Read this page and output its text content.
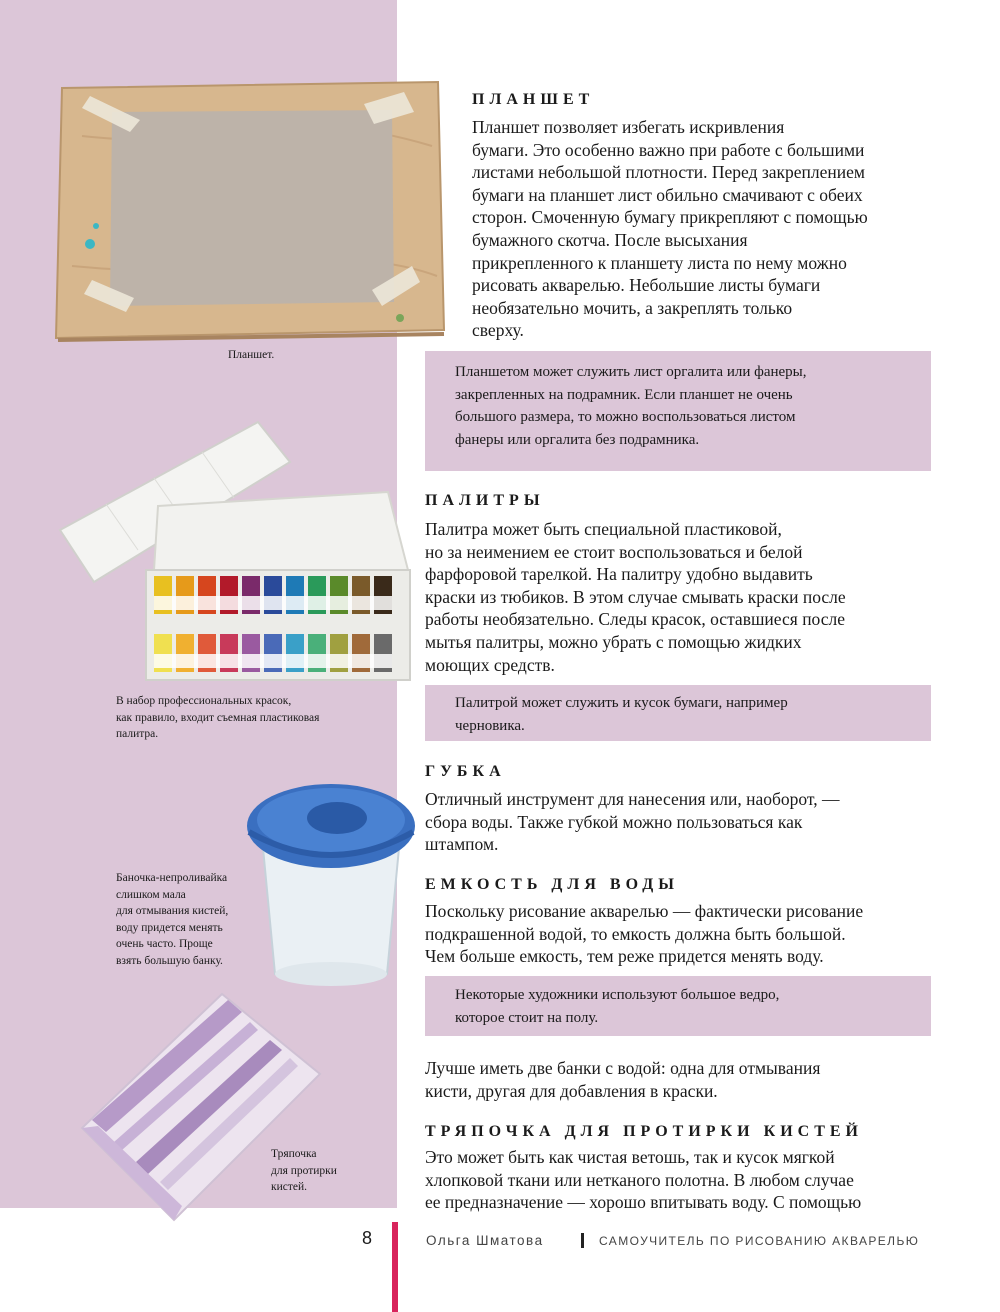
Планшет.
В набор профессиональных красок,
как правило, входит съемная пластиковая
палитра.
Баночка-непроливайка
слишком мала
для отмывания кистей,
воду придется менять
очень часто. Проще
взять большую банку.
Тряпочка
для протирки
кистей.
ПЛАНШЕТ
Планшет позволяет избегать искривления
бумаги. Это особенно важно при работе с большими
листами небольшой плотности. Перед закреплением
бумаги на планшет лист обильно смачивают с обеих
сторон. Смоченную бумагу прикрепляют с помощью
бумажного скотча. После высыхания
прикрепленного к планшету листа по нему можно
рисовать акварелью. Небольшие листы бумаги
необязательно мочить, а закреплять только
сверху.
Планшетом может служить лист оргалита или фанеры,
закрепленных на подрамник. Если планшет не очень
большого размера, то можно воспользоваться листом
фанеры или оргалита без подрамника.
ПАЛИТРЫ
Палитра может быть специальной пластиковой,
но за неимением ее стоит воспользоваться и белой
фарфоровой тарелкой. На палитру удобно выдавить
краски из тюбиков. В этом случае смывать краски после
работы необязательно. Следы красок, оставшиеся после
мытья палитры, можно убрать с помощью жидких
моющих средств.
Палитрой может служить и кусок бумаги, например
черновика.
ГУБКА
Отличный инструмент для нанесения или, наоборот, —
сбора воды. Также губкой можно пользоваться как
штампом.
ЕМКОСТЬ ДЛЯ ВОДЫ
Поскольку рисование акварелью — фактически рисование
подкрашенной водой, то емкость должна быть большой.
Чем больше емкость, тем реже придется менять воду.
Некоторые художники используют большое ведро,
которое стоит на полу.
Лучше иметь две банки с водой: одна для отмывания
кисти, другая для добавления в краски.
ТРЯПОЧКА ДЛЯ ПРОТИРКИ КИСТЕЙ
Это может быть как чистая ветошь, так и кусок мягкой
хлопковой ткани или нетканого полотна. В любом случае
ее предназначение — хорошо впитывать воду. С помощью
8	Ольга Шматова	САМОУЧИТЕЛЬ ПО РИСОВАНИЮ АКВАРЕЛЬЮ
